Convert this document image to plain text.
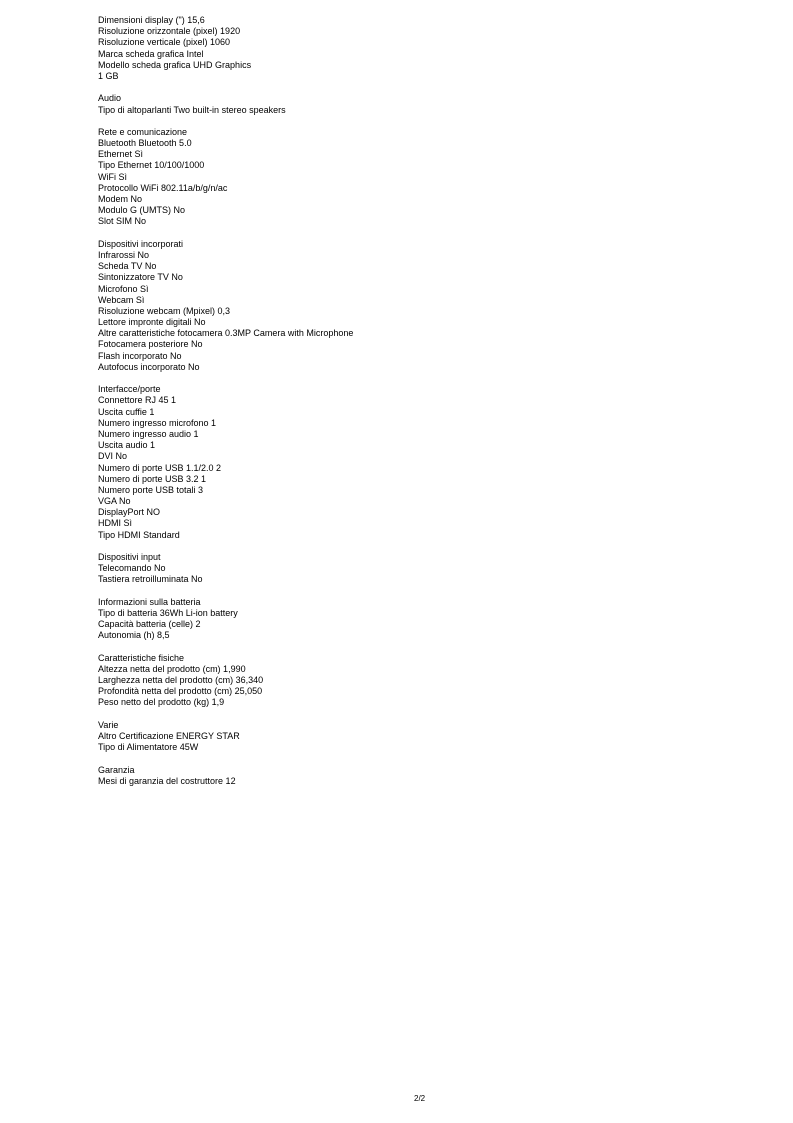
Dimensioni display (") 15,6
Risoluzione orizzontale (pixel) 1920
Risoluzione verticale (pixel) 1060
Marca scheda grafica Intel
Modello scheda grafica UHD Graphics
1 GB
Audio
Tipo di altoparlanti Two built-in stereo speakers
Rete e comunicazione
Bluetooth Bluetooth 5.0
Ethernet Sì
Tipo Ethernet 10/100/1000
WiFi Sì
Protocollo WiFi 802.11a/b/g/n/ac
Modem No
Modulo G (UMTS) No
Slot SIM No
Dispositivi incorporati
Infrarossi No
Scheda TV No
Sintonizzatore TV No
Microfono Sì
Webcam Sì
Risoluzione webcam (Mpixel) 0,3
Lettore impronte digitali No
Altre caratteristiche fotocamera 0.3MP Camera with Microphone
Fotocamera posteriore No
Flash incorporato No
Autofocus incorporato No
Interfacce/porte
Connettore RJ 45 1
Uscita cuffie 1
Numero ingresso microfono 1
Numero ingresso audio 1
Uscita audio 1
DVI No
Numero di porte USB 1.1/2.0 2
Numero di porte USB 3.2 1
Numero porte USB totali 3
VGA No
DisplayPort NO
HDMI Sì
Tipo HDMI Standard
Dispositivi input
Telecomando No
Tastiera retroilluminata No
Informazioni sulla batteria
Tipo di batteria 36Wh Li-ion battery
Capacità batteria (celle) 2
Autonomia (h) 8,5
Caratteristiche fisiche
Altezza netta del prodotto (cm) 1,990
Larghezza netta del prodotto (cm) 36,340
Profondità netta del prodotto (cm) 25,050
Peso netto del prodotto (kg) 1,9
Varie
Altro Certificazione ENERGY STAR
Tipo di Alimentatore 45W
Garanzia
Mesi di garanzia del costruttore 12
2/2
